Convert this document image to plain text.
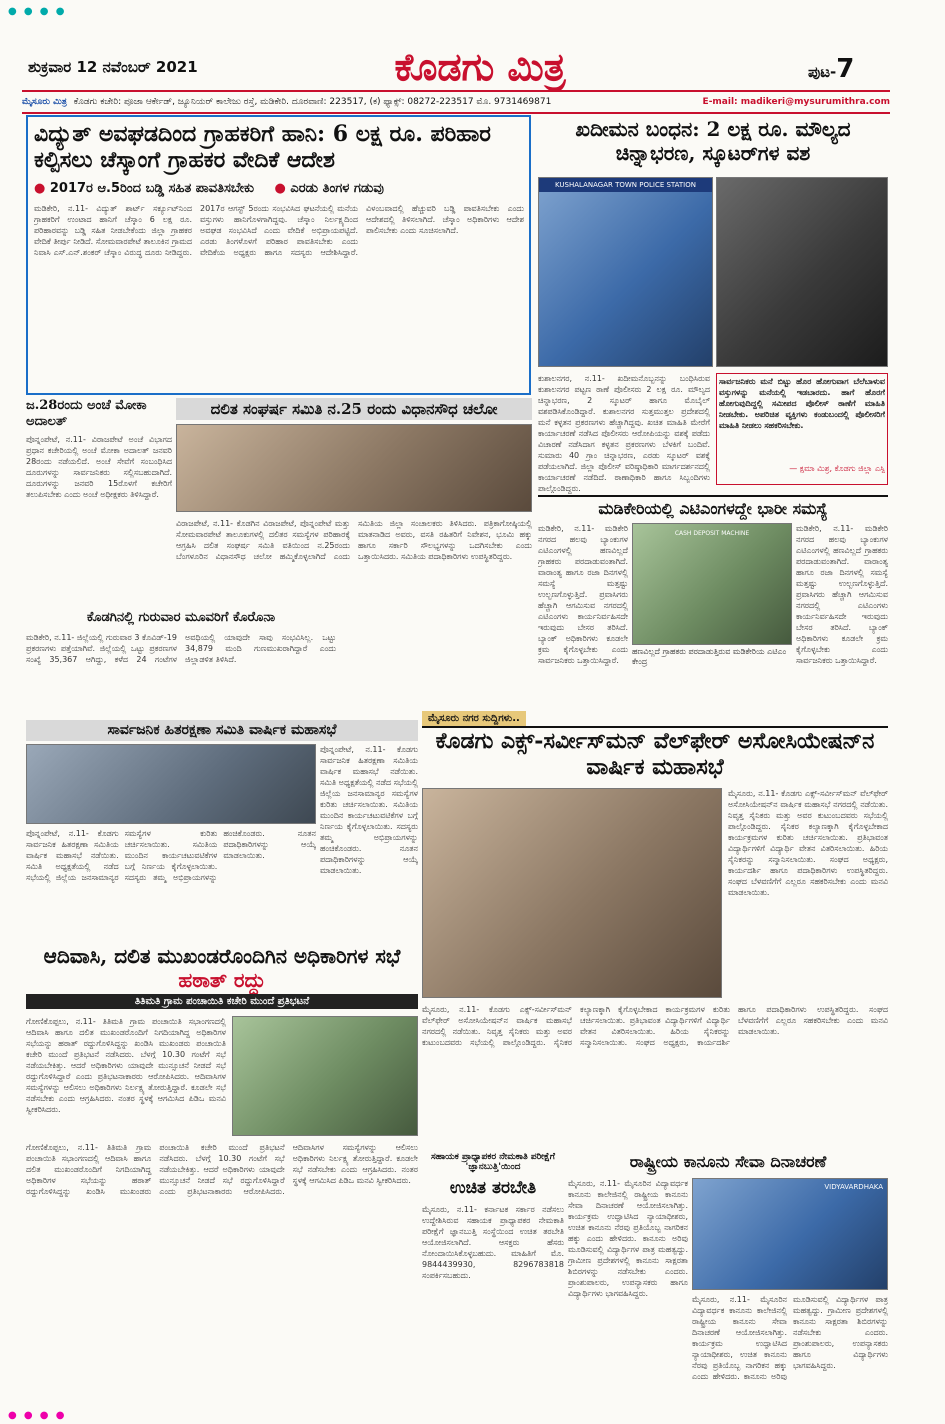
ಶುಕ್ರವಾರ 12 ನವೆಂಬರ್ 2021	ಕೊಡಗು ಮಿತ್ರ	ಪುಟ-7
● ● ● ●
ಮೈಸೂರು ಮಿತ್ರ ಕೊಡಗು ಕಚೇರಿ: ಪೂಜಾ ಆರ್ಕೇಡ್, ಜ್ಯೂನಿಯರ್ ಕಾಲೇಜು ರಸ್ತೆ, ಮಡಿಕೇರಿ. ದೂರವಾಣಿ: 223517, (ಕ) ಫ್ಯಾಕ್ಸ್: 08272-223517 ಮೊ. 9731469871	E-mail: madikeri@mysurumithra.com
ವಿದ್ಯುತ್ ಅವಘಡದಿಂದ ಗ್ರಾಹಕರಿಗೆ ಹಾನಿ: 6 ಲಕ್ಷ ರೂ. ಪರಿಹಾರ ಕಲ್ಪಿಸಲು ಚೆಸ್ಕಾಂಗೆ ಗ್ರಾಹಕರ ವೇದಿಕೆ ಆದೇಶ
● 2017ರ ಆ.5ರಿಂದ ಬಡ್ಡಿ ಸಹಿತ ಪಾವತಿಸಬೇಕು ● ಎರಡು ತಿಂಗಳ ಗಡುವು
ಮಡಿಕೇರಿ, ನ.11- ವಿದ್ಯುತ್ ಶಾರ್ಟ್ ಸರ್ಕ್ಯೂಟ್‍ನಿಂದ ಗ್ರಾಹಕರಿಗೆ ಉಂಟಾದ ಹಾನಿಗೆ ಚೆಸ್ಕಾಂ 6 ಲಕ್ಷ ರೂ. ಪರಿಹಾರವನ್ನು ಬಡ್ಡಿ ಸಹಿತ ನೀಡಬೇಕೆಂದು ಜಿಲ್ಲಾ ಗ್ರಾಹಕರ ವೇದಿಕೆ ತೀರ್ಪು ನೀಡಿದೆ. ಸೋಮವಾರಪೇಟೆ ತಾಲೂಕಿನ ಗ್ರಾಮದ ನಿವಾಸಿ ಎಸ್.ಎನ್.ಶಂಕರ್ ಚೆಸ್ಕಾಂ ವಿರುದ್ಧ ದೂರು ನೀಡಿದ್ದರು. 2017ರ ಆಗಸ್ಟ್ 5ರಂದು ಸಂಭವಿಸಿದ ಘಟನೆಯಲ್ಲಿ ಮನೆಯ ವಸ್ತುಗಳು ಹಾನಿಗೊಳಗಾಗಿದ್ದವು. ಚೆಸ್ಕಾಂ ನಿರ್ಲಕ್ಷ್ಯದಿಂದ ಅವಘಡ ಸಂಭವಿಸಿದೆ ಎಂದು ವೇದಿಕೆ ಅಭಿಪ್ರಾಯಪಟ್ಟಿದೆ. ಎರಡು ತಿಂಗಳೊಳಗೆ ಪರಿಹಾರ ಪಾವತಿಸಬೇಕು ಎಂದು ವೇದಿಕೆಯ ಅಧ್ಯಕ್ಷರು ಹಾಗೂ ಸದಸ್ಯರು ಆದೇಶಿಸಿದ್ದಾರೆ. ವಿಳಂಬವಾದಲ್ಲಿ ಹೆಚ್ಚುವರಿ ಬಡ್ಡಿ ಪಾವತಿಸಬೇಕು ಎಂದು ಆದೇಶದಲ್ಲಿ ತಿಳಿಸಲಾಗಿದೆ. ಚೆಸ್ಕಾಂ ಅಧಿಕಾರಿಗಳು ಆದೇಶ ಪಾಲಿಸಬೇಕು ಎಂದು ಸೂಚಿಸಲಾಗಿದೆ.
ಖದೀಮನ ಬಂಧನ: 2 ಲಕ್ಷ ರೂ. ಮೌಲ್ಯದ ಚಿನ್ನಾಭರಣ, ಸ್ಕೂಟರ್‌ಗಳ ವಶ
KUSHALANAGAR TOWN POLICE STATION
ಕುಶಾಲನಗರ, ನ.11- ಖದೀಮನೊಬ್ಬನನ್ನು ಬಂಧಿಸಿರುವ ಕುಶಾಲನಗರ ಪಟ್ಟಣ ಠಾಣೆ ಪೊಲೀಸರು 2 ಲಕ್ಷ ರೂ. ಮೌಲ್ಯದ ಚಿನ್ನಾಭರಣ, 2 ಸ್ಕೂಟರ್ ಹಾಗೂ ಮೊಬೈಲ್ ವಶಪಡಿಸಿಕೊಂಡಿದ್ದಾರೆ. ಕುಶಾಲನಗರ ಸುತ್ತಮುತ್ತಲ ಪ್ರದೇಶದಲ್ಲಿ ಮನೆ ಕಳ್ಳತನ ಪ್ರಕರಣಗಳು ಹೆಚ್ಚಾಗಿದ್ದವು. ಖಚಿತ ಮಾಹಿತಿ ಮೇರೆಗೆ ಕಾರ್ಯಾಚರಣೆ ನಡೆಸಿದ ಪೊಲೀಸರು ಆರೋಪಿಯನ್ನು ವಶಕ್ಕೆ ಪಡೆದು ವಿಚಾರಣೆ ನಡೆಸಿದಾಗ ಕಳ್ಳತನ ಪ್ರಕರಣಗಳು ಬೆಳಕಿಗೆ ಬಂದಿವೆ. ಸುಮಾರು 40 ಗ್ರಾಂ ಚಿನ್ನಾಭರಣ, ಎರಡು ಸ್ಕೂಟರ್ ವಶಕ್ಕೆ ಪಡೆಯಲಾಗಿದೆ. ಜಿಲ್ಲಾ ಪೊಲೀಸ್ ವರಿಷ್ಠಾಧಿಕಾರಿ ಮಾರ್ಗದರ್ಶನದಲ್ಲಿ ಕಾರ್ಯಾಚರಣೆ ನಡೆದಿದೆ. ಠಾಣಾಧಿಕಾರಿ ಹಾಗೂ ಸಿಬ್ಬಂದಿಗಳು ಪಾಲ್ಗೊಂಡಿದ್ದರು.
ಸಾರ್ವಜನಿಕರು ಮನೆ ಬಿಟ್ಟು ಹೊರ ಹೋಗುವಾಗ ಬೆಲೆಬಾಳುವ ವಸ್ತುಗಳನ್ನು ಮನೆಯಲ್ಲಿ ಇಡಬಾರದು. ಹಾಗೆ ಹೊರಗೆ ಹೋಗುವುದಿದ್ದಲ್ಲಿ ಸಮೀಪದ ಪೊಲೀಸ್ ಠಾಣೆಗೆ ಮಾಹಿತಿ ನೀಡಬೇಕು. ಅಪರಿಚಿತ ವ್ಯಕ್ತಿಗಳು ಕಂಡುಬಂದಲ್ಲಿ ಪೊಲೀಸರಿಗೆ ಮಾಹಿತಿ ನೀಡಲು ಸಹಕರಿಸಬೇಕು.
— ಕ್ಷಮಾ ಮಿಶ್ರ, ಕೊಡಗು ಜಿಲ್ಲಾ ಎಸ್ಪಿ
ಜ.28ರಂದು ಅಂಚೆ ಮೋಕಾ ಅದಾಲತ್
ಪೊನ್ನಂಪೇಟೆ, ನ.11- ವಿರಾಜಪೇಟೆ ಅಂಚೆ ವಿಭಾಗದ ಪ್ರಧಾನ ಕಚೇರಿಯಲ್ಲಿ ಅಂಚೆ ಮೋಕಾ ಅದಾಲತ್ ಜನವರಿ 28ರಂದು ನಡೆಯಲಿದೆ. ಅಂಚೆ ಸೇವೆಗೆ ಸಂಬಂಧಿಸಿದ ದೂರುಗಳನ್ನು ಸಾರ್ವಜನಿಕರು ಸಲ್ಲಿಸಬಹುದಾಗಿದೆ. ದೂರುಗಳನ್ನು ಜನವರಿ 15ರೊಳಗೆ ಕಚೇರಿಗೆ ತಲುಪಿಸಬೇಕು ಎಂದು ಅಂಚೆ ಅಧೀಕ್ಷಕರು ತಿಳಿಸಿದ್ದಾರೆ.
ದಲಿತ ಸಂಘರ್ಷ ಸಮಿತಿ ನ.25 ರಂದು ವಿಧಾನಸೌಧ ಚಲೋ
ವಿರಾಜಪೇಟೆ, ನ.11- ಕೊಡಗಿನ ವಿರಾಜಪೇಟೆ, ಪೊನ್ನಂಪೇಟೆ ಮತ್ತು ಸೋಮವಾರಪೇಟೆ ತಾಲೂಕುಗಳಲ್ಲಿ ದಲಿತರ ಸಮಸ್ಯೆಗಳ ಪರಿಹಾರಕ್ಕೆ ಆಗ್ರಹಿಸಿ ದಲಿತ ಸಂಘರ್ಷ ಸಮಿತಿ ವತಿಯಿಂದ ನ.25ರಂದು ಬೆಂಗಳೂರಿನ ವಿಧಾನಸೌಧ ಚಲೋ ಹಮ್ಮಿಕೊಳ್ಳಲಾಗಿದೆ ಎಂದು ಸಮಿತಿಯ ಜಿಲ್ಲಾ ಸಂಚಾಲಕರು ತಿಳಿಸಿದರು. ಪತ್ರಿಕಾಗೋಷ್ಠಿಯಲ್ಲಿ ಮಾತನಾಡಿದ ಅವರು, ವಸತಿ ರಹಿತರಿಗೆ ನಿವೇಶನ, ಭೂಮಿ ಹಕ್ಕು ಹಾಗೂ ಸರ್ಕಾರಿ ಸೌಲಭ್ಯಗಳನ್ನು ಒದಗಿಸಬೇಕು ಎಂದು ಒತ್ತಾಯಿಸಿದರು. ಸಮಿತಿಯ ಪದಾಧಿಕಾರಿಗಳು ಉಪಸ್ಥಿತರಿದ್ದರು.
ಕೊಡಗಿನಲ್ಲಿ ಗುರುವಾರ ಮೂವರಿಗೆ ಕೊರೊನಾ
ಮಡಿಕೇರಿ, ನ.11- ಜಿಲ್ಲೆಯಲ್ಲಿ ಗುರುವಾರ 3 ಕೊವಿಡ್-19 ಪ್ರಕರಣಗಳು ಪತ್ತೆಯಾಗಿವೆ. ಜಿಲ್ಲೆಯಲ್ಲಿ ಒಟ್ಟು ಪ್ರಕರಣಗಳ ಸಂಖ್ಯೆ 35,367 ಆಗಿದ್ದು, ಕಳೆದ 24 ಗಂಟೆಗಳ ಅವಧಿಯಲ್ಲಿ ಯಾವುದೇ ಸಾವು ಸಂಭವಿಸಿಲ್ಲ. ಒಟ್ಟು 34,879 ಮಂದಿ ಗುಣಮುಖರಾಗಿದ್ದಾರೆ ಎಂದು ಜಿಲ್ಲಾಡಳಿತ ತಿಳಿಸಿದೆ.
ಮಡಿಕೇರಿಯಲ್ಲಿ ಎಟಿಎಂಗಳದ್ದೇ ಭಾರೀ ಸಮಸ್ಯೆ
ಮಡಿಕೇರಿ, ನ.11- ಮಡಿಕೇರಿ ನಗರದ ಹಲವು ಬ್ಯಾಂಕುಗಳ ಎಟಿಎಂಗಳಲ್ಲಿ ಹಣವಿಲ್ಲದೆ ಗ್ರಾಹಕರು ಪರದಾಡುವಂತಾಗಿದೆ. ವಾರಾಂತ್ಯ ಹಾಗೂ ರಜಾ ದಿನಗಳಲ್ಲಿ ಸಮಸ್ಯೆ ಮತ್ತಷ್ಟು ಉಲ್ಬಣಗೊಳ್ಳುತ್ತಿದೆ. ಪ್ರವಾಸಿಗರು ಹೆಚ್ಚಾಗಿ ಆಗಮಿಸುವ ನಗರದಲ್ಲಿ ಎಟಿಎಂಗಳು ಕಾರ್ಯನಿರ್ವಹಿಸದೇ ಇರುವುದು ಬೇಸರ ತರಿಸಿದೆ. ಬ್ಯಾಂಕ್ ಅಧಿಕಾರಿಗಳು ಕೂಡಲೇ ಕ್ರಮ ಕೈಗೊಳ್ಳಬೇಕು ಎಂದು ಸಾರ್ವಜನಿಕರು ಒತ್ತಾಯಿಸಿದ್ದಾರೆ.
CASH DEPOSIT MACHINE
ಹಣವಿಲ್ಲದೆ ಗ್ರಾಹಕರು ಪರದಾಡುತ್ತಿರುವ ಮಡಿಕೇರಿಯ ಎಟಿಎಂ ಕೇಂದ್ರ
ಮಡಿಕೇರಿ, ನ.11- ಮಡಿಕೇರಿ ನಗರದ ಹಲವು ಬ್ಯಾಂಕುಗಳ ಎಟಿಎಂಗಳಲ್ಲಿ ಹಣವಿಲ್ಲದೆ ಗ್ರಾಹಕರು ಪರದಾಡುವಂತಾಗಿದೆ. ವಾರಾಂತ್ಯ ಹಾಗೂ ರಜಾ ದಿನಗಳಲ್ಲಿ ಸಮಸ್ಯೆ ಮತ್ತಷ್ಟು ಉಲ್ಬಣಗೊಳ್ಳುತ್ತಿದೆ. ಪ್ರವಾಸಿಗರು ಹೆಚ್ಚಾಗಿ ಆಗಮಿಸುವ ನಗರದಲ್ಲಿ ಎಟಿಎಂಗಳು ಕಾರ್ಯನಿರ್ವಹಿಸದೇ ಇರುವುದು ಬೇಸರ ತರಿಸಿದೆ. ಬ್ಯಾಂಕ್ ಅಧಿಕಾರಿಗಳು ಕೂಡಲೇ ಕ್ರಮ ಕೈಗೊಳ್ಳಬೇಕು ಎಂದು ಸಾರ್ವಜನಿಕರು ಒತ್ತಾಯಿಸಿದ್ದಾರೆ.
ಸಾರ್ವಜನಿಕ ಹಿತರಕ್ಷಣಾ ಸಮಿತಿ ವಾರ್ಷಿಕ ಮಹಾಸಭೆ
ಪೊನ್ನಂಪೇಟೆ, ನ.11- ಕೊಡಗು ಸಾರ್ವಜನಿಕ ಹಿತರಕ್ಷಣಾ ಸಮಿತಿಯ ವಾರ್ಷಿಕ ಮಹಾಸಭೆ ನಡೆಯಿತು. ಸಮಿತಿ ಅಧ್ಯಕ್ಷತೆಯಲ್ಲಿ ನಡೆದ ಸಭೆಯಲ್ಲಿ ಜಿಲ್ಲೆಯ ಜನಸಾಮಾನ್ಯರ ಸಮಸ್ಯೆಗಳ ಕುರಿತು ಚರ್ಚಿಸಲಾಯಿತು. ಸಮಿತಿಯ ಮುಂದಿನ ಕಾರ್ಯಚಟುವಟಿಕೆಗಳ ಬಗ್ಗೆ ನಿರ್ಣಯ ಕೈಗೊಳ್ಳಲಾಯಿತು. ಸದಸ್ಯರು ತಮ್ಮ ಅಭಿಪ್ರಾಯಗಳನ್ನು ಹಂಚಿಕೊಂಡರು. ನೂತನ ಪದಾಧಿಕಾರಿಗಳನ್ನು ಆಯ್ಕೆ ಮಾಡಲಾಯಿತು.
ಪೊನ್ನಂಪೇಟೆ, ನ.11- ಕೊಡಗು ಸಾರ್ವಜನಿಕ ಹಿತರಕ್ಷಣಾ ಸಮಿತಿಯ ವಾರ್ಷಿಕ ಮಹಾಸಭೆ ನಡೆಯಿತು. ಸಮಿತಿ ಅಧ್ಯಕ್ಷತೆಯಲ್ಲಿ ನಡೆದ ಸಭೆಯಲ್ಲಿ ಜಿಲ್ಲೆಯ ಜನಸಾಮಾನ್ಯರ ಸಮಸ್ಯೆಗಳ ಕುರಿತು ಚರ್ಚಿಸಲಾಯಿತು. ಸಮಿತಿಯ ಮುಂದಿನ ಕಾರ್ಯಚಟುವಟಿಕೆಗಳ ಬಗ್ಗೆ ನಿರ್ಣಯ ಕೈಗೊಳ್ಳಲಾಯಿತು. ಸದಸ್ಯರು ತಮ್ಮ ಅಭಿಪ್ರಾಯಗಳನ್ನು ಹಂಚಿಕೊಂಡರು. ನೂತನ ಪದಾಧಿಕಾರಿಗಳನ್ನು ಆಯ್ಕೆ ಮಾಡಲಾಯಿತು.
ಮೈಸೂರು ನಗರ ಸುದ್ದಿಗಳು..
ಕೊಡಗು ಎಕ್ಸ್-ಸರ್ವೀಸ್‌ಮನ್ ವೆಲ್‌ಫೇರ್ ಅಸೋಸಿಯೇಷನ್‌ನ ವಾರ್ಷಿಕ ಮಹಾಸಭೆ
ಮೈಸೂರು, ನ.11- ಕೊಡಗು ಎಕ್ಸ್-ಸರ್ವೀಸ್‌ಮನ್ ವೆಲ್‌ಫೇರ್ ಅಸೋಸಿಯೇಷನ್‌ನ ವಾರ್ಷಿಕ ಮಹಾಸಭೆ ನಗರದಲ್ಲಿ ನಡೆಯಿತು. ನಿವೃತ್ತ ಸೈನಿಕರು ಮತ್ತು ಅವರ ಕುಟುಂಬದವರು ಸಭೆಯಲ್ಲಿ ಪಾಲ್ಗೊಂಡಿದ್ದರು. ಸೈನಿಕರ ಕಲ್ಯಾಣಕ್ಕಾಗಿ ಕೈಗೊಳ್ಳಬೇಕಾದ ಕಾರ್ಯಕ್ರಮಗಳ ಕುರಿತು ಚರ್ಚಿಸಲಾಯಿತು. ಪ್ರತಿಭಾವಂತ ವಿದ್ಯಾರ್ಥಿಗಳಿಗೆ ವಿದ್ಯಾರ್ಥಿ ವೇತನ ವಿತರಿಸಲಾಯಿತು. ಹಿರಿಯ ಸೈನಿಕರನ್ನು ಸನ್ಮಾನಿಸಲಾಯಿತು. ಸಂಘದ ಅಧ್ಯಕ್ಷರು, ಕಾರ್ಯದರ್ಶಿ ಹಾಗೂ ಪದಾಧಿಕಾರಿಗಳು ಉಪಸ್ಥಿತರಿದ್ದರು. ಸಂಘದ ಬೆಳವಣಿಗೆಗೆ ಎಲ್ಲರೂ ಸಹಕರಿಸಬೇಕು ಎಂದು ಮನವಿ ಮಾಡಲಾಯಿತು.
ಮೈಸೂರು, ನ.11- ಕೊಡಗು ಎಕ್ಸ್-ಸರ್ವೀಸ್‌ಮನ್ ವೆಲ್‌ಫೇರ್ ಅಸೋಸಿಯೇಷನ್‌ನ ವಾರ್ಷಿಕ ಮಹಾಸಭೆ ನಗರದಲ್ಲಿ ನಡೆಯಿತು. ನಿವೃತ್ತ ಸೈನಿಕರು ಮತ್ತು ಅವರ ಕುಟುಂಬದವರು ಸಭೆಯಲ್ಲಿ ಪಾಲ್ಗೊಂಡಿದ್ದರು. ಸೈನಿಕರ ಕಲ್ಯಾಣಕ್ಕಾಗಿ ಕೈಗೊಳ್ಳಬೇಕಾದ ಕಾರ್ಯಕ್ರಮಗಳ ಕುರಿತು ಚರ್ಚಿಸಲಾಯಿತು. ಪ್ರತಿಭಾವಂತ ವಿದ್ಯಾರ್ಥಿಗಳಿಗೆ ವಿದ್ಯಾರ್ಥಿ ವೇತನ ವಿತರಿಸಲಾಯಿತು. ಹಿರಿಯ ಸೈನಿಕರನ್ನು ಸನ್ಮಾನಿಸಲಾಯಿತು. ಸಂಘದ ಅಧ್ಯಕ್ಷರು, ಕಾರ್ಯದರ್ಶಿ ಹಾಗೂ ಪದಾಧಿಕಾರಿಗಳು ಉಪಸ್ಥಿತರಿದ್ದರು. ಸಂಘದ ಬೆಳವಣಿಗೆಗೆ ಎಲ್ಲರೂ ಸಹಕರಿಸಬೇಕು ಎಂದು ಮನವಿ ಮಾಡಲಾಯಿತು.
ಆದಿವಾಸಿ, ದಲಿತ ಮುಖಂಡರೊಂದಿಗಿನ ಅಧಿಕಾರಿಗಳ ಸಭೆ ಹಠಾತ್ ರದ್ದು
ತಿತಿಮತಿ ಗ್ರಾಮ ಪಂಚಾಯಿತಿ ಕಚೇರಿ ಮುಂದೆ ಪ್ರತಿಭಟನೆ
ಗೋಣಿಕೊಪ್ಪಲು, ನ.11- ತಿತಿಮತಿ ಗ್ರಾಮ ಪಂಚಾಯಿತಿ ಸಭಾಂಗಣದಲ್ಲಿ ಆದಿವಾಸಿ ಹಾಗೂ ದಲಿತ ಮುಖಂಡರೊಂದಿಗೆ ನಿಗದಿಯಾಗಿದ್ದ ಅಧಿಕಾರಿಗಳ ಸಭೆಯನ್ನು ಹಠಾತ್ ರದ್ದುಗೊಳಿಸಿದ್ದನ್ನು ಖಂಡಿಸಿ ಮುಖಂಡರು ಪಂಚಾಯಿತಿ ಕಚೇರಿ ಮುಂದೆ ಪ್ರತಿಭಟನೆ ನಡೆಸಿದರು. ಬೆಳಗ್ಗೆ 10.30 ಗಂಟೆಗೆ ಸಭೆ ನಡೆಯಬೇಕಿತ್ತು. ಆದರೆ ಅಧಿಕಾರಿಗಳು ಯಾವುದೇ ಮುನ್ಸೂಚನೆ ನೀಡದೆ ಸಭೆ ರದ್ದುಗೊಳಿಸಿದ್ದಾರೆ ಎಂದು ಪ್ರತಿಭಟನಾಕಾರರು ಆರೋಪಿಸಿದರು. ಆದಿವಾಸಿಗಳ ಸಮಸ್ಯೆಗಳನ್ನು ಆಲಿಸಲು ಅಧಿಕಾರಿಗಳು ನಿರ್ಲಕ್ಷ್ಯ ತೋರುತ್ತಿದ್ದಾರೆ. ಕೂಡಲೇ ಸಭೆ ನಡೆಸಬೇಕು ಎಂದು ಆಗ್ರಹಿಸಿದರು. ನಂತರ ಸ್ಥಳಕ್ಕೆ ಆಗಮಿಸಿದ ಪಿಡಿಒ ಮನವಿ ಸ್ವೀಕರಿಸಿದರು.
ಗೋಣಿಕೊಪ್ಪಲು, ನ.11- ತಿತಿಮತಿ ಗ್ರಾಮ ಪಂಚಾಯಿತಿ ಸಭಾಂಗಣದಲ್ಲಿ ಆದಿವಾಸಿ ಹಾಗೂ ದಲಿತ ಮುಖಂಡರೊಂದಿಗೆ ನಿಗದಿಯಾಗಿದ್ದ ಅಧಿಕಾರಿಗಳ ಸಭೆಯನ್ನು ಹಠಾತ್ ರದ್ದುಗೊಳಿಸಿದ್ದನ್ನು ಖಂಡಿಸಿ ಮುಖಂಡರು ಪಂಚಾಯಿತಿ ಕಚೇರಿ ಮುಂದೆ ಪ್ರತಿಭಟನೆ ನಡೆಸಿದರು. ಬೆಳಗ್ಗೆ 10.30 ಗಂಟೆಗೆ ಸಭೆ ನಡೆಯಬೇಕಿತ್ತು. ಆದರೆ ಅಧಿಕಾರಿಗಳು ಯಾವುದೇ ಮುನ್ಸೂಚನೆ ನೀಡದೆ ಸಭೆ ರದ್ದುಗೊಳಿಸಿದ್ದಾರೆ ಎಂದು ಪ್ರತಿಭಟನಾಕಾರರು ಆರೋಪಿಸಿದರು. ಆದಿವಾಸಿಗಳ ಸಮಸ್ಯೆಗಳನ್ನು ಆಲಿಸಲು ಅಧಿಕಾರಿಗಳು ನಿರ್ಲಕ್ಷ್ಯ ತೋರುತ್ತಿದ್ದಾರೆ. ಕೂಡಲೇ ಸಭೆ ನಡೆಸಬೇಕು ಎಂದು ಆಗ್ರಹಿಸಿದರು. ನಂತರ ಸ್ಥಳಕ್ಕೆ ಆಗಮಿಸಿದ ಪಿಡಿಒ ಮನವಿ ಸ್ವೀಕರಿಸಿದರು.
ಸಹಾಯಕ ಪ್ರಾಧ್ಯಾಪಕರ ನೇಮಕಾತಿ ಪರೀಕ್ಷೆಗೆ 'ಜ್ಞಾನಬುತ್ತಿ'ಯಿಂದ
ಉಚಿತ ತರಬೇತಿ
ಮೈಸೂರು, ನ.11- ಕರ್ನಾಟಕ ಸರ್ಕಾರ ನಡೆಸಲು ಉದ್ದೇಶಿಸಿರುವ ಸಹಾಯಕ ಪ್ರಾಧ್ಯಾಪಕರ ನೇಮಕಾತಿ ಪರೀಕ್ಷೆಗೆ ಜ್ಞಾನಬುತ್ತಿ ಸಂಸ್ಥೆಯಿಂದ ಉಚಿತ ತರಬೇತಿ ಆಯೋಜಿಸಲಾಗಿದೆ. ಆಸಕ್ತರು ಹೆಸರು ನೋಂದಾಯಿಸಿಕೊಳ್ಳಬಹುದು. ಮಾಹಿತಿಗೆ ಮೊ. 9844439930, 8296783818 ಸಂಪರ್ಕಿಸಬಹುದು.
ರಾಷ್ಟ್ರೀಯ ಕಾನೂನು ಸೇವಾ ದಿನಾಚರಣೆ
ಮೈಸೂರು, ನ.11- ಮೈಸೂರಿನ ವಿದ್ಯಾವರ್ಧಕ ಕಾನೂನು ಕಾಲೇಜಿನಲ್ಲಿ ರಾಷ್ಟ್ರೀಯ ಕಾನೂನು ಸೇವಾ ದಿನಾಚರಣೆ ಆಯೋಜಿಸಲಾಗಿತ್ತು. ಕಾರ್ಯಕ್ರಮ ಉದ್ಘಾಟಿಸಿದ ನ್ಯಾಯಾಧೀಶರು, ಉಚಿತ ಕಾನೂನು ನೆರವು ಪ್ರತಿಯೊಬ್ಬ ನಾಗರಿಕನ ಹಕ್ಕು ಎಂದು ಹೇಳಿದರು. ಕಾನೂನು ಅರಿವು ಮೂಡಿಸುವಲ್ಲಿ ವಿದ್ಯಾರ್ಥಿಗಳ ಪಾತ್ರ ಮಹತ್ವದ್ದು. ಗ್ರಾಮೀಣ ಪ್ರದೇಶಗಳಲ್ಲಿ ಕಾನೂನು ಸಾಕ್ಷರತಾ ಶಿಬಿರಗಳನ್ನು ನಡೆಸಬೇಕು ಎಂದರು. ಪ್ರಾಂಶುಪಾಲರು, ಉಪನ್ಯಾಸಕರು ಹಾಗೂ ವಿದ್ಯಾರ್ಥಿಗಳು ಭಾಗವಹಿಸಿದ್ದರು.
VIDYAVARDHAKA
ಮೈಸೂರು, ನ.11- ಮೈಸೂರಿನ ವಿದ್ಯಾವರ್ಧಕ ಕಾನೂನು ಕಾಲೇಜಿನಲ್ಲಿ ರಾಷ್ಟ್ರೀಯ ಕಾನೂನು ಸೇವಾ ದಿನಾಚರಣೆ ಆಯೋಜಿಸಲಾಗಿತ್ತು. ಕಾರ್ಯಕ್ರಮ ಉದ್ಘಾಟಿಸಿದ ನ್ಯಾಯಾಧೀಶರು, ಉಚಿತ ಕಾನೂನು ನೆರವು ಪ್ರತಿಯೊಬ್ಬ ನಾಗರಿಕನ ಹಕ್ಕು ಎಂದು ಹೇಳಿದರು. ಕಾನೂನು ಅರಿವು ಮೂಡಿಸುವಲ್ಲಿ ವಿದ್ಯಾರ್ಥಿಗಳ ಪಾತ್ರ ಮಹತ್ವದ್ದು. ಗ್ರಾಮೀಣ ಪ್ರದೇಶಗಳಲ್ಲಿ ಕಾನೂನು ಸಾಕ್ಷರತಾ ಶಿಬಿರಗಳನ್ನು ನಡೆಸಬೇಕು ಎಂದರು. ಪ್ರಾಂಶುಪಾಲರು, ಉಪನ್ಯಾಸಕರು ಹಾಗೂ ವಿದ್ಯಾರ್ಥಿಗಳು ಭಾಗವಹಿಸಿದ್ದರು.
● ● ● ●
